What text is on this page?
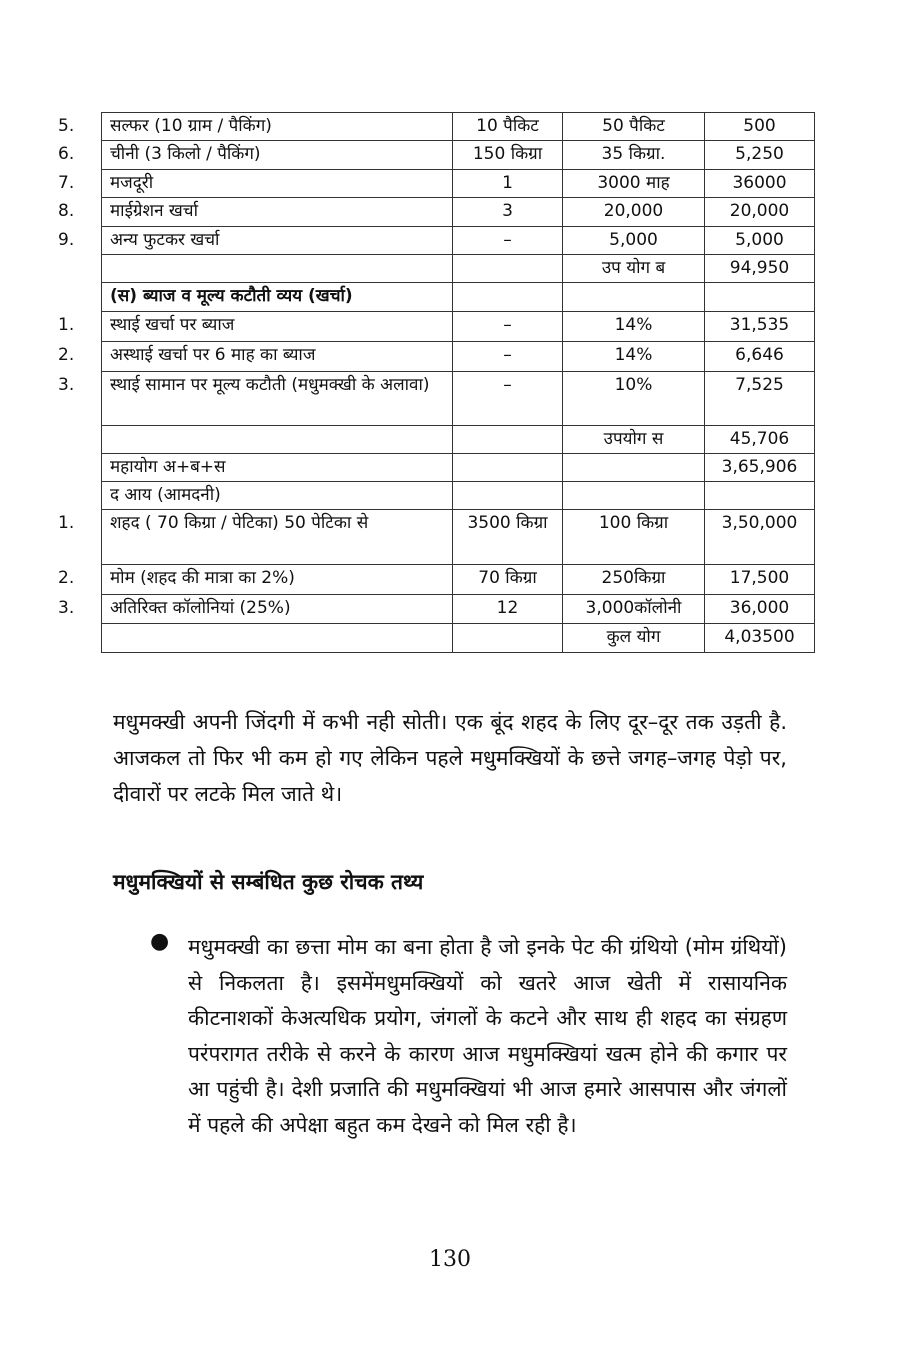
5. सल्फर (10 ग्राम / पैकिंग)	10 पैकिट	50 पैकिट	500
6. चीनी (3 किलो / पैकिंग)	150 किग्रा	35 किग्रा.	5,250
7. मजदूरी	1	3000 माह	36000
8. माईग्रेशन खर्चा	3	20,000	20,000
9. अन्य फुटकर खर्चा	–	5,000	5,000
		उप योग ब	94,950
(स) ब्याज व मूल्य कटौती व्यय (खर्चा)			
1. स्थाई खर्चा पर ब्याज	–	14%	31,535
2. अस्थाई खर्चा पर 6 माह का ब्याज	–	14%	6,646
3. स्थाई सामान पर मूल्य कटौती (मधुमक्खी के अलावा)	–	10%	7,525
		उपयोग स	45,706
महायोग अ+ब+स			3,65,906
द आय (आमदनी)			
1. शहद ( 70 किग्रा / पेटिका) 50 पेटिका से	3500 किग्रा	100 किग्रा	3,50,000
2. मोम (शहद की मात्रा का 2%)	70 किग्रा	250किग्रा	17,500
3. अतिरिक्त कॉलोनियां (25%)	12	3,000कॉलोनी	36,000
		कुल योग	4,03500

मधुमक्खी अपनी जिंदगी में कभी नही सोती। एक बूंद शहद के लिए दूर–दूर तक उड़ती है. आजकल तो फिर भी कम हो गए लेकिन पहले मधुमक्खियों के छत्ते जगह–जगह पेड़ो पर, दीवारों पर लटके मिल जाते थे।

मधुमक्खियों से सम्बंधित कुछ रोचक तथ्य
● मधुमक्खी का छत्ता मोम का बना होता है जो इनके पेट की ग्रंथियो (मोम ग्रंथियों) से निकलता है। इसमेंमधुमक्खियों को खतरे आज खेती में रासायनिक कीटनाशकों केअत्यधिक प्रयोग, जंगलों के कटने और साथ ही शहद का संग्रहण परंपरागत तरीके से करने के कारण आज मधुमक्खियां खत्म होने की कगार पर आ पहुंची है। देशी प्रजाति की मधुमक्खियां भी आज हमारे आसपास और जंगलों में पहले की अपेक्षा बहुत कम देखने को मिल रही है।

130
